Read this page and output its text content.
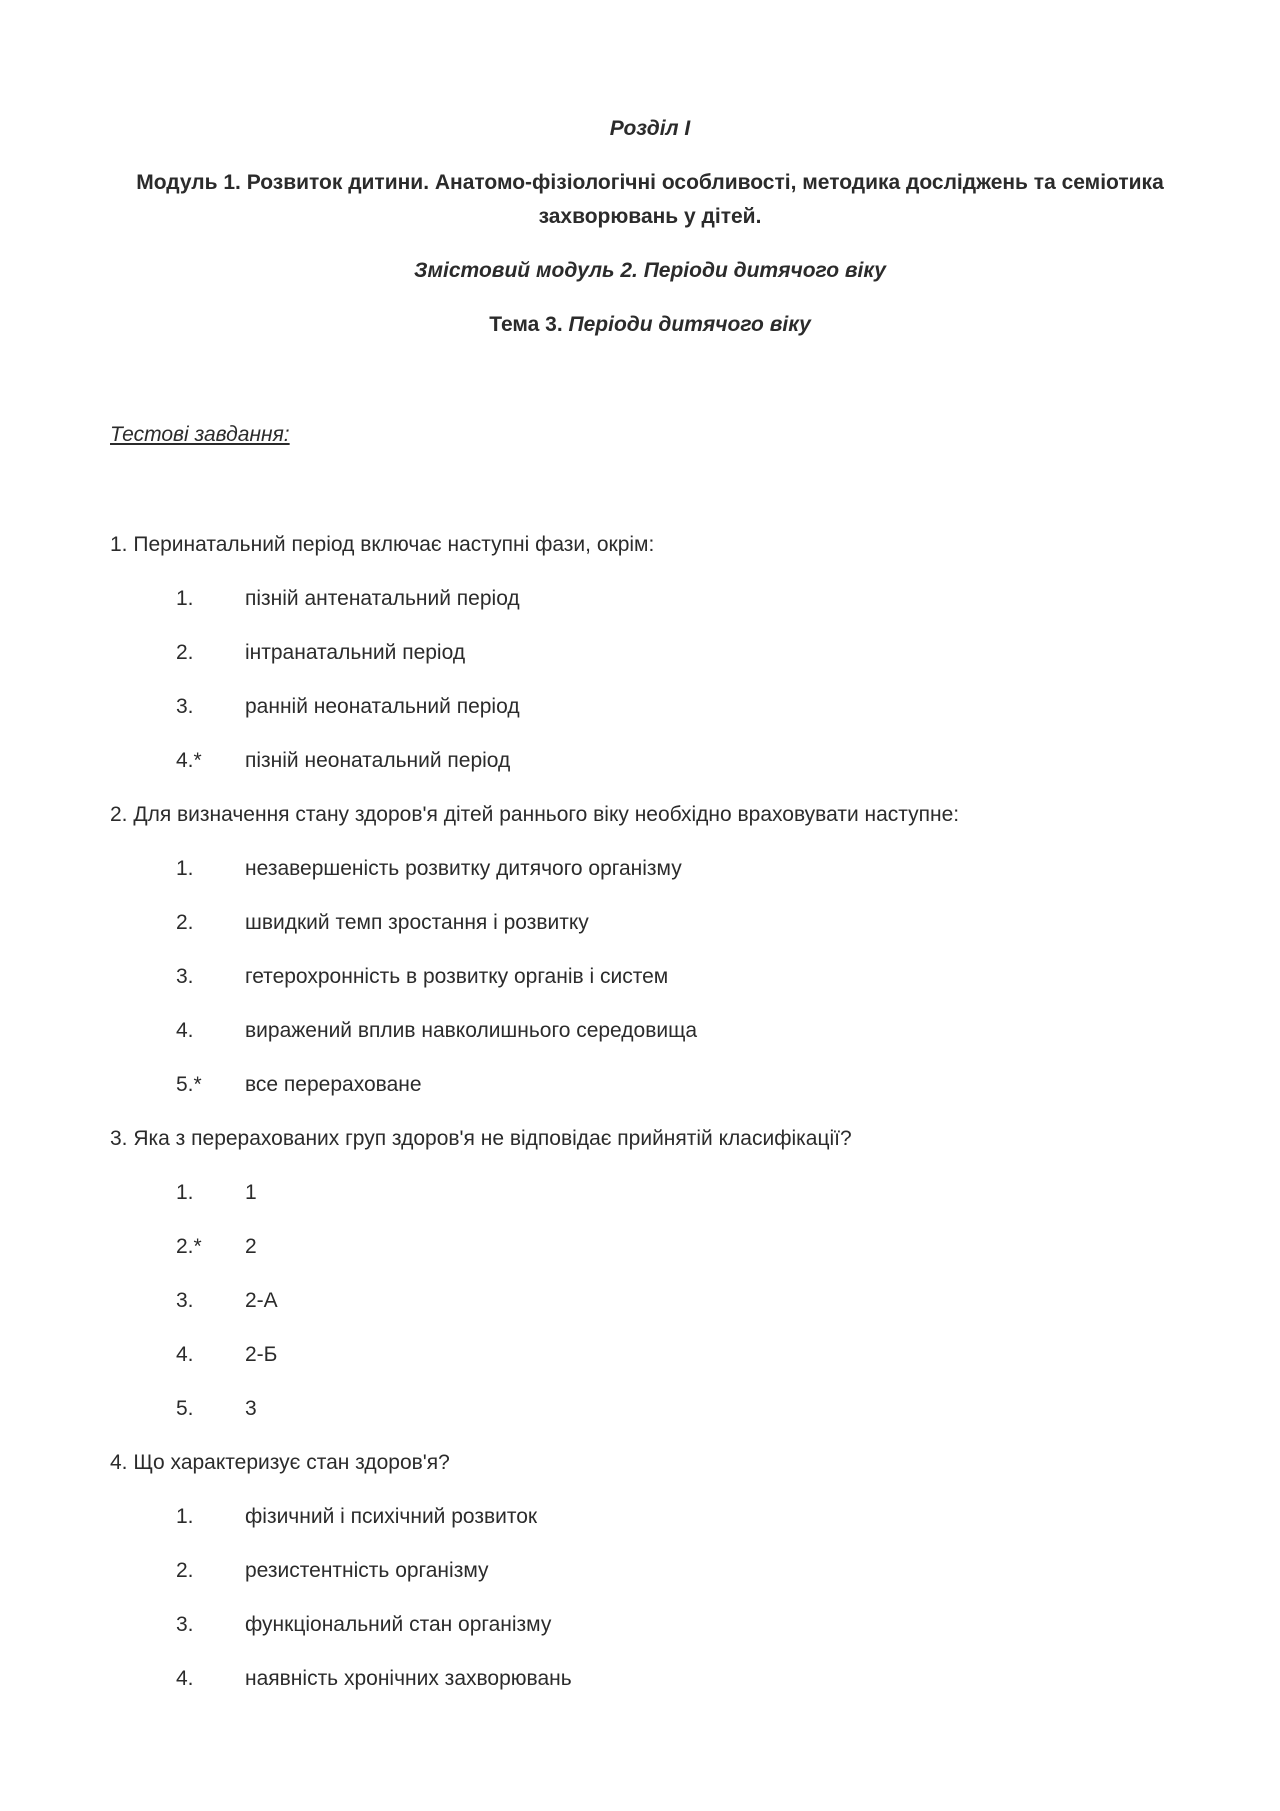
Розділ I
Модуль 1. Розвиток дитини. Анатомо-фізіологічні особливості, методика досліджень та семіотика захворювань у дітей.
Змістовий модуль 2. Періоди дитячого віку
Тема 3. Періоди дитячого віку
Тестові завдання:
1. Перинатальний період включає наступні фази, окрім:
1.	пізній антенатальний період
2.	інтранатальний період
3.	ранній неонатальний період
4.*	пізній неонатальний період
2. Для визначення стану здоров'я дітей раннього віку необхідно враховувати наступне:
1.	незавершеність розвитку дитячого організму
2.	швидкий темп зростання і розвитку
3.	гетерохронність в розвитку органів і систем
4.	виражений вплив навколишнього середовища
5.*	все перераховане
3. Яка з перерахованих груп здоров'я не відповідає прийнятій класифікації?
1.	1
2.*	2
3.	2-А
4.	2-Б
5.	3
4. Що характеризує стан здоров'я?
1.	фізичний і психічний розвиток
2.	резистентність організму
3.	функціональний стан організму
4.	наявність хронічних захворювань
